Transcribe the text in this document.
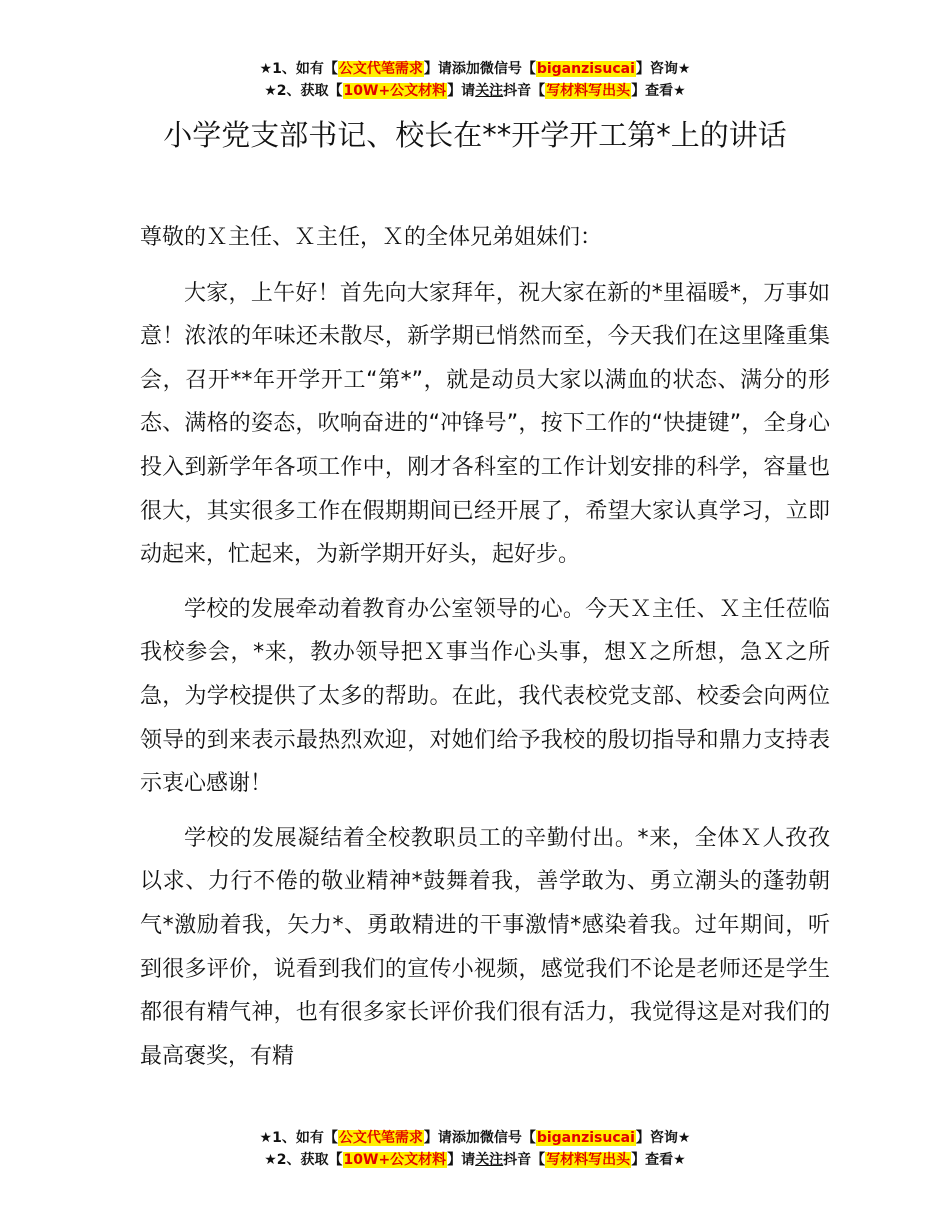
★1、如有【公文代笔需求】请添加微信号【biganzisucai】咨询★
★2、获取【10W+公文材料】请关注抖音【写材料写出头】查看★
小学党支部书记、校长在**开学开工第*上的讲话

尊敬的Ｘ主任、Ｘ主任，Ｘ的全体兄弟姐妹们：

大家，上午好！首先向大家拜年，祝大家在新的*里福暖*，万事如意！浓浓的年味还未散尽，新学期已悄然而至，今天我们在这里隆重集会，召开**年开学开工“第*”，就是动员大家以满血的状态、满分的形态、满格的姿态，吹响奋进的“冲锋号”，按下工作的“快捷键”，全身心投入到新学年各项工作中，刚才各科室的工作计划安排的科学，容量也很大，其实很多工作在假期期间已经开展了，希望大家认真学习，立即动起来，忙起来，为新学期开好头，起好步。

学校的发展牵动着教育办公室领导的心。今天Ｘ主任、Ｘ主任莅临我校参会，*来，教办领导把Ｘ事当作心头事，想Ｘ之所想，急Ｘ之所急，为学校提供了太多的帮助。在此，我代表校党支部、校委会向两位领导的到来表示最热烈欢迎，对她们给予我校的殷切指导和鼎力支持表示衷心感谢！

学校的发展凝结着全校教职员工的辛勤付出。*来，全体Ｘ人孜孜以求、力行不倦的敬业精神*鼓舞着我，善学敢为、勇立潮头的蓬勃朝气*激励着我，矢力*、勇敢精进的干事激情*感染着我。过年期间，听到很多评价，说看到我们的宣传小视频，感觉我们不论是老师还是学生都很有精气神，也有很多家长评价我们很有活力，我觉得这是对我们的最高褒奖，有精

★1、如有【公文代笔需求】请添加微信号【biganzisucai】咨询★
★2、获取【10W+公文材料】请关注抖音【写材料写出头】查看★
